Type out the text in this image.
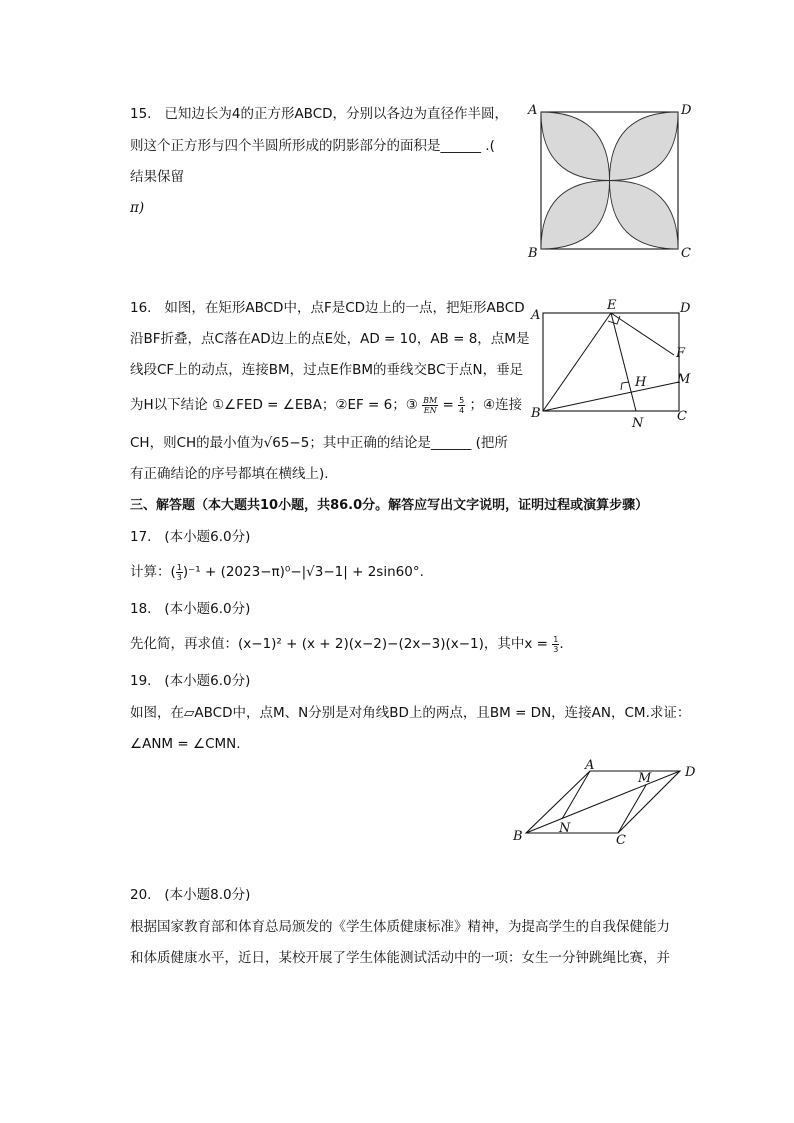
15. 已知边长为4的正方形ABCD，分别以各边为直径作半圆，
则这个正方形与四个半圆所形成的阴影部分的面积是______ .(
结果保留
π)
A	D
B	C
16. 如图，在矩形ABCD中，点F是CD边上的一点，把矩形ABCD
沿BF折叠，点C落在AD边上的点E处，AD = 10，AB = 8，点M是
线段CF上的动点，连接BM，过点E作BM的垂线交BC于点N，垂足
为H以下结论 ①∠FED = ∠EBA；②EF = 6；③ $\frac{BM}{EN} = \frac{5}{4}$ ；④连接
CH，则CH的最小值为√65−5；其中正确的结论是______ (把所
有正确结论的序号都填在横线上).
A
E	D
F
M
H
B	C
N
三、解答题（本大题共10小题，共86.0分。解答应写出文字说明，证明过程或演算步骤）
17. (本小题6.0分)
计算：( $\frac{1}{3} )^{-1} + (2023-\pi)^0-|√3-1| + 2\sin 60^\circ$.
18. (本小题6.0分)
先化简，再求值：(x−1)² + (x + 2)(x−2)−(2x−3)(x−1)，其中$x = \frac{1}{3}$ .
19. (本小题6.0分)
如图，在▱ABCD中，点M、N分别是对角线BD上的两点，且BM = DN，连接AN，CM.求证：
∠ANM = ∠CMN.
A	D
M
N
B	C
20. (本小题8.0分)
根据国家教育部和体育总局颁发的《学生体质健康标准》精神，为提高学生的自我保健能力
和体质健康水平，近日，某校开展了学生体能测试活动中的一项：女生一分钟跳绳比赛，并
